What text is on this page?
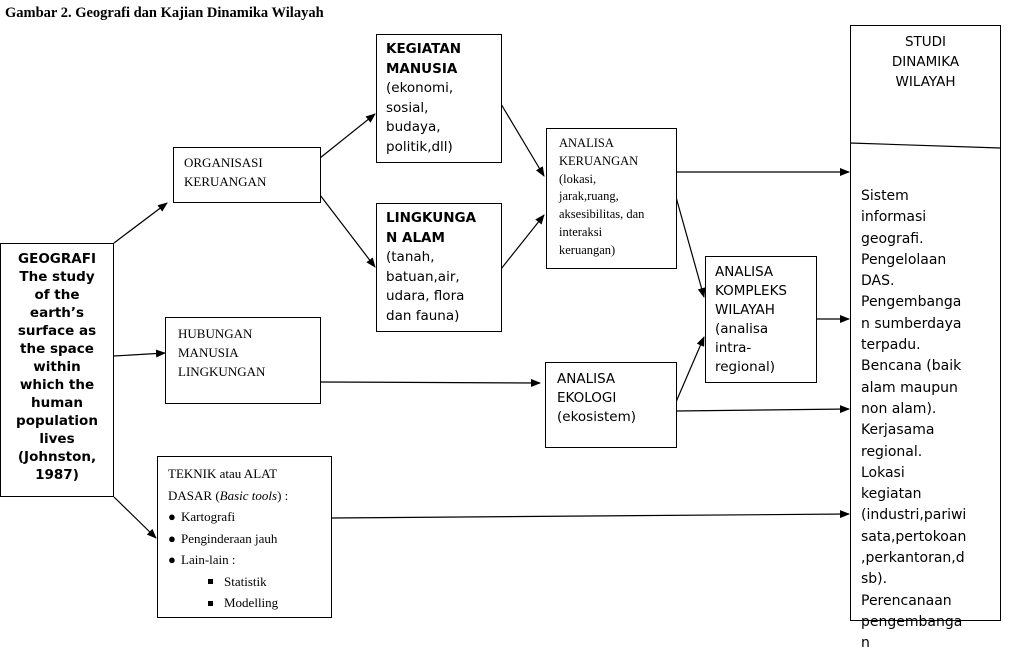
Gambar 2. Geografi dan Kajian Dinamika Wilayah
GEOGRAFI
The study
of the
earth’s
surface as
the space
within
which the
human
population
lives
(Johnston,
1987)
ORGANISASI
KERUANGAN
HUBUNGAN
MANUSIA
LINGKUNGAN
TEKNIK atau ALAT
DASAR (Basic tools) :
● Kartografi
● Penginderaan jauh
● Lain-lain :
Statistik
Modelling
KEGIATAN
MANUSIA
(ekonomi,
sosial,
budaya,
politik,dll)
LINGKUNGA
N ALAM
(tanah,
batuan,air,
udara, flora
dan fauna)
ANALISA
KERUANGAN
(lokasi,
jarak,ruang,
aksesibilitas, dan
interaksi
keruangan)
ANALISA
EKOLOGI
(ekosistem)
ANALISA
KOMPLEKS
WILAYAH
(analisa
intra-
regional)
STUDI
DINAMIKA
WILAYAH
Sistem
informasi
geografi.
Pengelolaan
DAS.
Pengembanga
n sumberdaya
terpadu.
Bencana (baik
alam maupun
non alam).
Kerjasama
regional.
Lokasi
kegiatan
(industri,pariwi
sata,pertokoan
,perkantoran,d
sb).
Perencanaan
pengembanga
n
